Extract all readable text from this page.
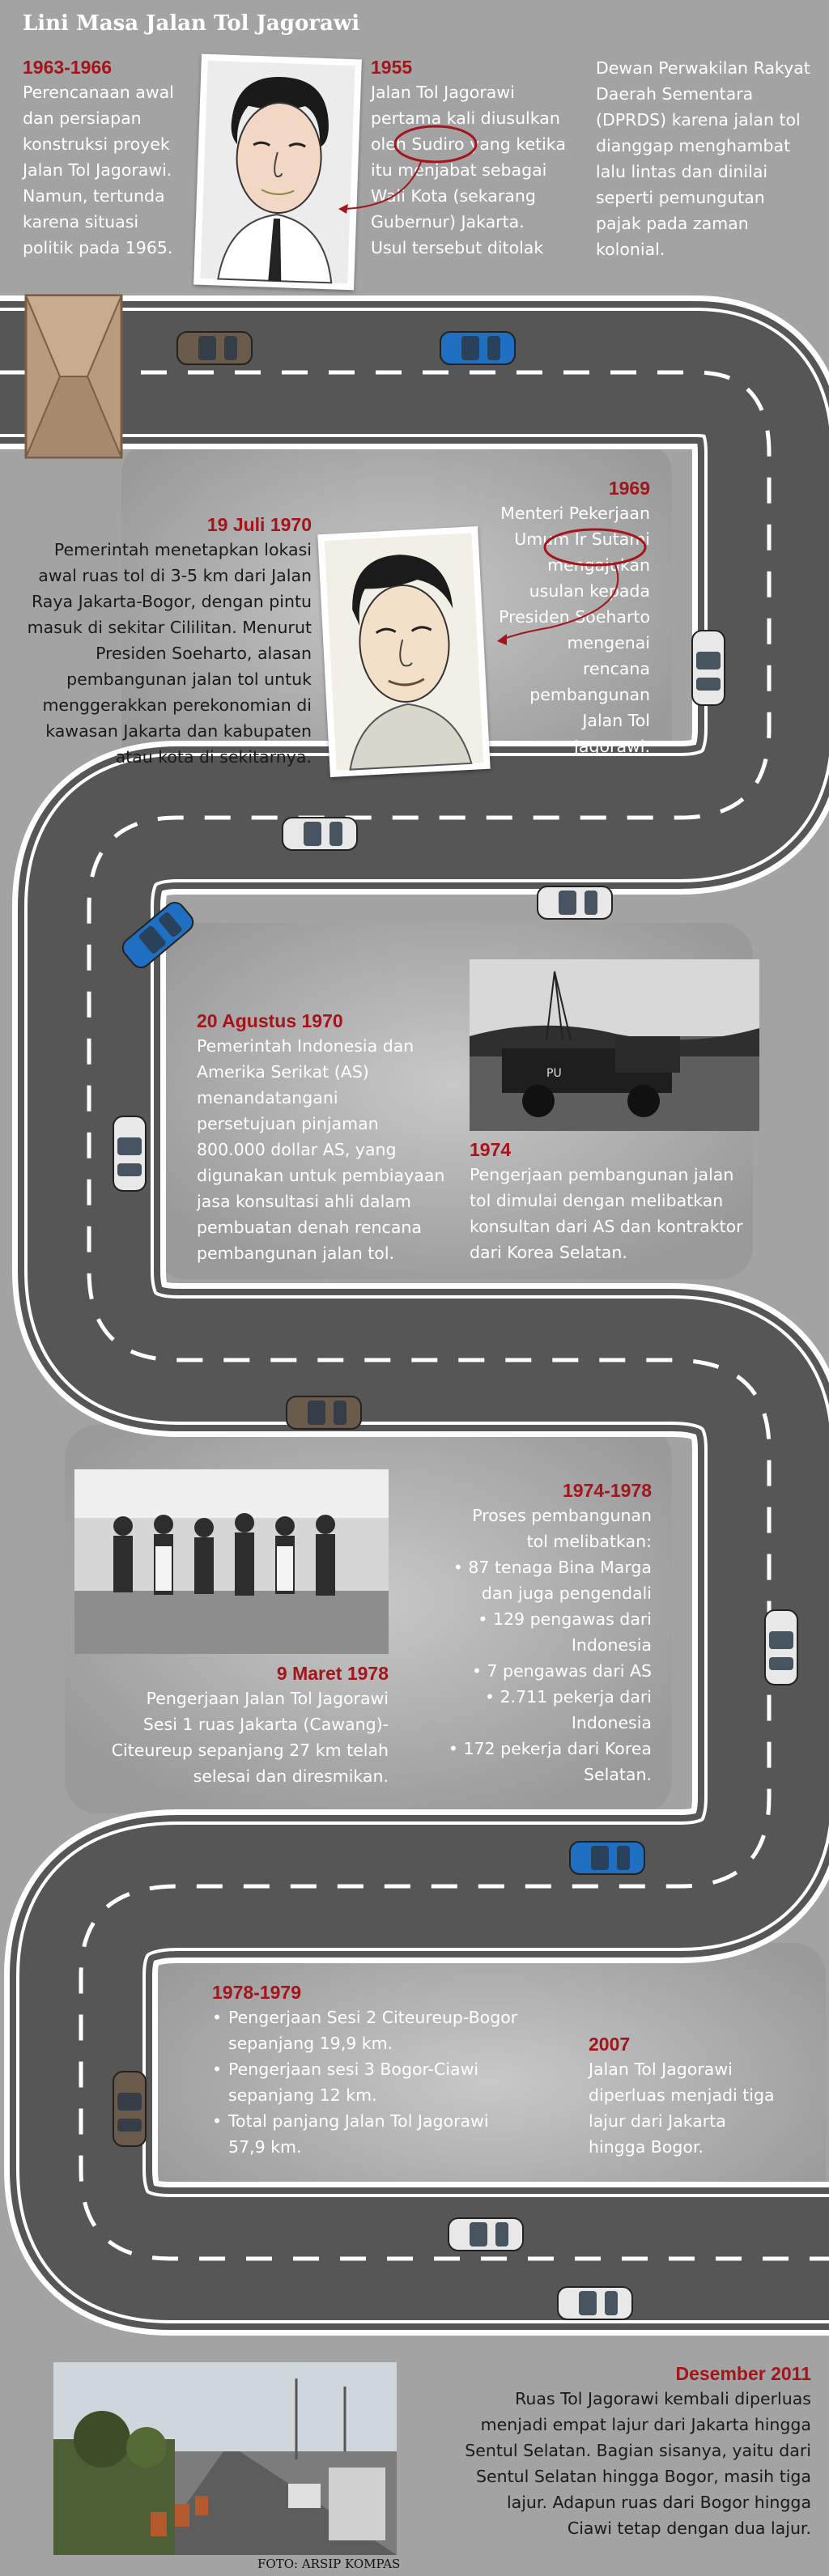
Lini Masa Jalan Tol Jagorawi
1963-1966
Perencanaan awal
dan persiapan
konstruksi proyek
Jalan Tol Jagorawi.
Namun, tertunda
karena situasi
politik pada 1965.
1955
Jalan Tol Jagorawi
pertama kali diusulkan
oleh Sudiro yang ketika
itu menjabat sebagai
Wali Kota (sekarang
Gubernur) Jakarta.
Usul tersebut ditolak
Dewan Perwakilan Rakyat
Daerah Sementara
(DPRDS) karena jalan tol
dianggap menghambat
lalu lintas dan dinilai
seperti pemungutan
pajak pada zaman
kolonial.
19 Juli 1970
Pemerintah menetapkan lokasi
awal ruas tol di 3-5 km dari Jalan
Raya Jakarta-Bogor, dengan pintu
masuk di sekitar Cililitan. Menurut
Presiden Soeharto, alasan
pembangunan jalan tol untuk
menggerakkan perekonomian di
kawasan Jakarta dan kabupaten
atau kota di sekitarnya.
1969
Menteri Pekerjaan
Umum Ir Sutami
mengajukan
usulan kepada
Presiden Soeharto
mengenai
rencana
pembangunan
Jalan Tol
Jagorawi.
20 Agustus 1970
Pemerintah Indonesia dan
Amerika Serikat (AS)
menandatangani
persetujuan pinjaman
800.000 dollar AS, yang
digunakan untuk pembiayaan
jasa konsultasi ahli dalam
pembuatan denah rencana
pembangunan jalan tol.
PU
1974
Pengerjaan pembangunan jalan
tol dimulai dengan melibatkan
konsultan dari AS dan kontraktor
dari Korea Selatan.
1974-1978
Proses pembangunan
tol melibatkan:
• 87 tenaga Bina Marga
dan juga pengendali
• 129 pengawas dari
Indonesia
• 7 pengawas dari AS
• 2.711 pekerja dari
Indonesia
• 172 pekerja dari Korea
Selatan.
9 Maret 1978
Pengerjaan Jalan Tol Jagorawi
Sesi 1 ruas Jakarta (Cawang)-
Citeureup sepanjang 27 km telah
selesai dan diresmikan.
1978-1979
• Pengerjaan Sesi 2 Citeureup-Bogor
sepanjang 19,9 km.
• Pengerjaan sesi 3 Bogor-Ciawi
sepanjang 12 km.
• Total panjang Jalan Tol Jagorawi
57,9 km.
2007
Jalan Tol Jagorawi
diperluas menjadi tiga
lajur dari Jakarta
hingga Bogor.
FOTO: ARSIP KOMPAS
Desember 2011
Ruas Tol Jagorawi kembali diperluas
menjadi empat lajur dari Jakarta hingga
Sentul Selatan. Bagian sisanya, yaitu dari
Sentul Selatan hingga Bogor, masih tiga
lajur. Adapun ruas dari Bogor hingga
Ciawi tetap dengan dua lajur.
